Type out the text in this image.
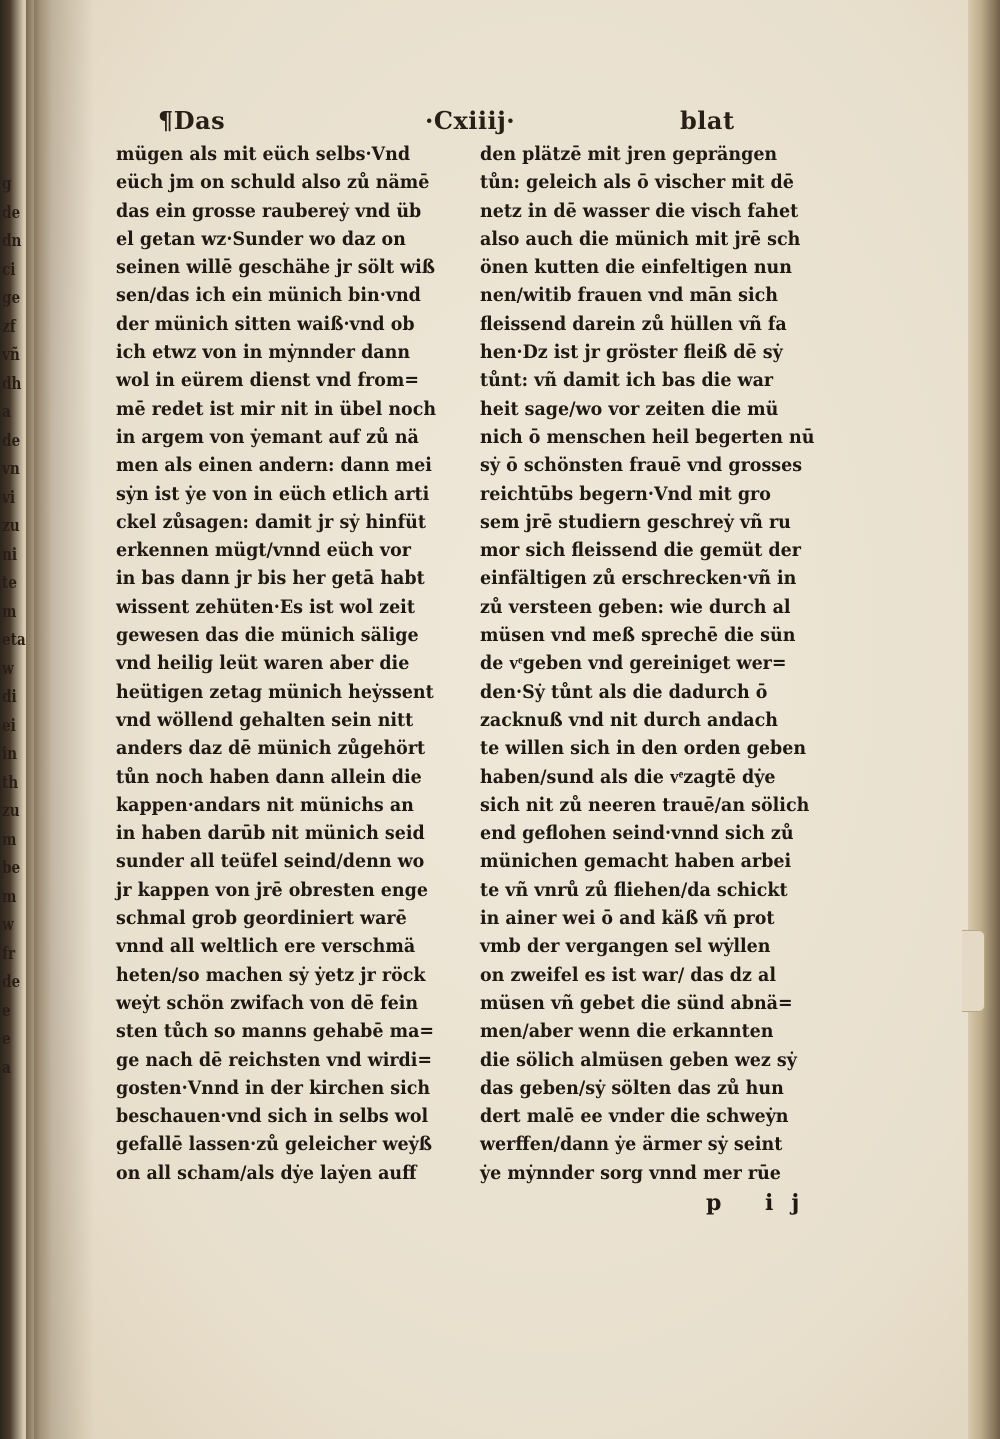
g
de
dn
ci
ge
zf
vñ
dh
a
de
vn
vi
zu
ni
te
m
eta
w
di
ei
in
th
zu
m
be
m
w
fr
de
e
e
a
¶Das	·Cxiiij·	blat
mügen als mit eüch selbs·Vnd
eüch jm on schuld also zů nämē
das ein grosse raubereẏ vnd üb
el getan wz·Sunder wo daz on
seinen willē geschähe jr sölt wiß
sen/das ich ein münich bin·vnd
der münich sitten waiß·vnd ob
ich etwz von in mẏnnder dann
wol in eürem dienst vnd from=
mē redet ist mir nit in übel noch
in argem von ẏemant auf zů nä
men als einen andern: dann mei
sẏn ist ẏe von in eüch etlich arti
ckel zůsagen: damit jr sẏ hinfüt
erkennen mügt/vnnd eüch vor
in bas dann jr bis her getā habt
wissent zehüten·Es ist wol zeit
gewesen das die münich sälige
vnd heilig leüt waren aber die
heütigen zetag münich heẏssent
vnd wöllend gehalten sein nitt
anders daz dē münich zůgehört
tůn noch haben dann allein die
kappen·andars nit münichs an
in haben darūb nit münich seid
sunder all teüfel seind/denn wo
jr kappen von jrē obresten enge
schmal grob geordiniert warē
vnnd all weltlich ere verschmä
heten/so machen sẏ ẏetz jr röck
weẏt schön zwifach von dē fein
sten tůch so manns gehabē ma=
ge nach dē reichsten vnd wirdi=
gosten·Vnnd in der kirchen sich
beschauen·vnd sich in selbs wol
gefallē lassen·zů geleicher weẏß
on all scham/als dẏe laẏen auff
den plätzē mit jren geprängen
tůn: geleich als ō vischer mit dē
netz in dē wasser die visch fahet
also auch die münich mit jrē sch
önen kutten die einfeltigen nun
nen/witib frauen vnd mān sich
fleissend darein zů hüllen vñ fa
hen·Dz ist jr gröster fleiß dē sẏ
tůnt: vñ damit ich bas die war
heit sage/wo vor zeiten die mü
nich ō menschen heil begerten nū
sẏ ō schönsten frauē vnd grosses
reichtūbs begern·Vnd mit gro
sem jrē studiern geschreẏ vñ ru
mor sich fleissend die gemüt der
einfältigen zů erschrecken·vñ in
zů versteen geben: wie durch al
müsen vnd meß sprechē die sün
de vͤgeben vnd gereiniget wer=
den·Sẏ tůnt als die dadurch ō
zacknuß vnd nit durch andach
te willen sich in den orden geben
haben/sund als die vͤzagtē dẏe
sich nit zů neeren trauē/an sölich
end geflohen seind·vnnd sich zů
münichen gemacht haben arbei
te vñ vnrů zů fliehen/da schickt
in ainer wei ō and käß vñ prot
vmb der vergangen sel wẏllen
on zweifel es ist war/ das dz al
müsen vñ gebet die sünd abnä=
men/aber wenn die erkannten
die sölich almüsen geben wez sẏ
das geben/sẏ sölten das zů hun
dert malē ee vnder die schweẏn
werffen/dann ẏe ärmer sẏ seint
ẏe mẏnnder sorg vnnd mer rūe
p ij
